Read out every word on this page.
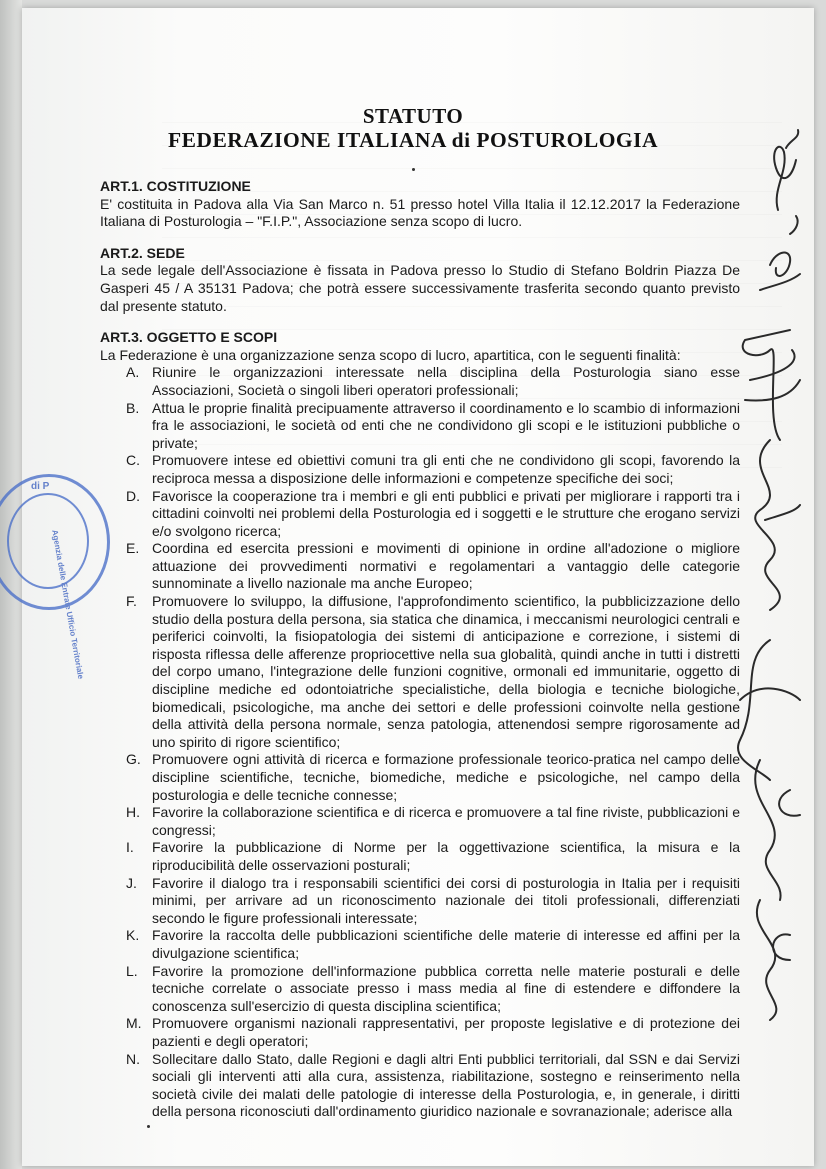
STATUTO
FEDERAZIONE ITALIANA di POSTUROLOGIA

ART.1. COSTITUZIONE

E' costituita in Padova alla Via San Marco n. 51 presso hotel Villa Italia il 12.12.2017 la Federazione Italiana di Posturologia – "F.I.P.", Associazione senza scopo di lucro.

ART.2. SEDE

La sede legale dell'Associazione è fissata in Padova presso lo Studio di Stefano Boldrin Piazza De Gasperi 45 / A 35131 Padova; che potrà essere successivamente trasferita secondo quanto previsto dal presente statuto.

ART.3. OGGETTO E SCOPI

La Federazione è una organizzazione senza scopo di lucro, apartitica, con le seguenti finalità:

A. Riunire le organizzazioni interessate nella disciplina della Posturologia siano esse Associazioni, Società o singoli liberi operatori professionali;
B. Attua le proprie finalità precipuamente attraverso il coordinamento e lo scambio di informazioni fra le associazioni, le società od enti che ne condividono gli scopi e le istituzioni pubbliche o private;
C. Promuovere intese ed obiettivi comuni tra gli enti che ne condividono gli scopi, favorendo la reciproca messa a disposizione delle informazioni e competenze specifiche dei soci;
D. Favorisce la cooperazione tra i membri e gli enti pubblici e privati per migliorare i rapporti tra i cittadini coinvolti nei problemi della Posturologia ed i soggetti e le strutture che erogano servizi e/o svolgono ricerca;
E. Coordina ed esercita pressioni e movimenti di opinione in ordine all'adozione o migliore attuazione dei provvedimenti normativi e regolamentari a vantaggio delle categorie sunnominate a livello nazionale ma anche Europeo;
F.	Promuovere lo sviluppo, la diffusione, l'approfondimento scientifico, la pubblicizzazione dello studio della postura della persona, sia statica che dinamica, i meccanismi neurologici centrali e periferici coinvolti, la fisiopatologia dei sistemi di anticipazione e correzione, i sistemi di risposta riflessa delle afferenze propriocettive nella sua globalità, quindi anche in tutti i distretti del corpo umano, l'integrazione delle funzioni cognitive, ormonali ed immunitarie, oggetto di discipline mediche ed odontoiatriche specialistiche, della biologia e tecniche biologiche, biomedicali, psicologiche, ma anche dei settori e delle professioni coinvolte nella gestione della attività della persona normale, senza patologia, attenendosi sempre rigorosamente ad uno spirito di rigore scientifico;
G. Promuovere ogni attività di ricerca e formazione professionale teorico-pratica nel campo delle discipline scientifiche, tecniche, biomediche, mediche e psicologiche, nel campo della posturologia e delle tecniche connesse;
H. Favorire la collaborazione scientifica e di ricerca e promuovere a tal fine riviste, pubblicazioni e congressi;
I.	Favorire la pubblicazione di Norme per la oggettivazione scientifica, la misura e la riproducibilità delle osservazioni posturali;
J.	Favorire il dialogo tra i responsabili scientifici dei corsi di posturologia in Italia per i requisiti minimi, per arrivare ad un riconoscimento nazionale dei titoli professionali, differenziati secondo le figure professionali interessate;
K. Favorire la raccolta delle pubblicazioni scientifiche delle materie di interesse ed affini per la divulgazione scientifica;
L.	Favorire la promozione dell'informazione pubblica corretta nelle materie posturali e delle tecniche correlate o associate presso i mass media al fine di estendere e diffondere la conoscenza sull'esercizio di questa disciplina scientifica;
M. Promuovere organismi nazionali rappresentativi, per proposte legislative e di protezione dei pazienti e degli operatori;
N. Sollecitare dallo Stato, dalle Regioni e dagli altri Enti pubblici territoriali, dal SSN e dai Servizi sociali gli interventi atti alla cura, assistenza, riabilitazione, sostegno e reinserimento nella società civile dei malati delle patologie di interesse della Posturologia, e, in generale, i diritti della persona riconosciuti dall'ordinamento giuridico nazionale e sovranazionale; aderisce alla
di P
Agenzia delle Entrate Ufficio Territoriale
